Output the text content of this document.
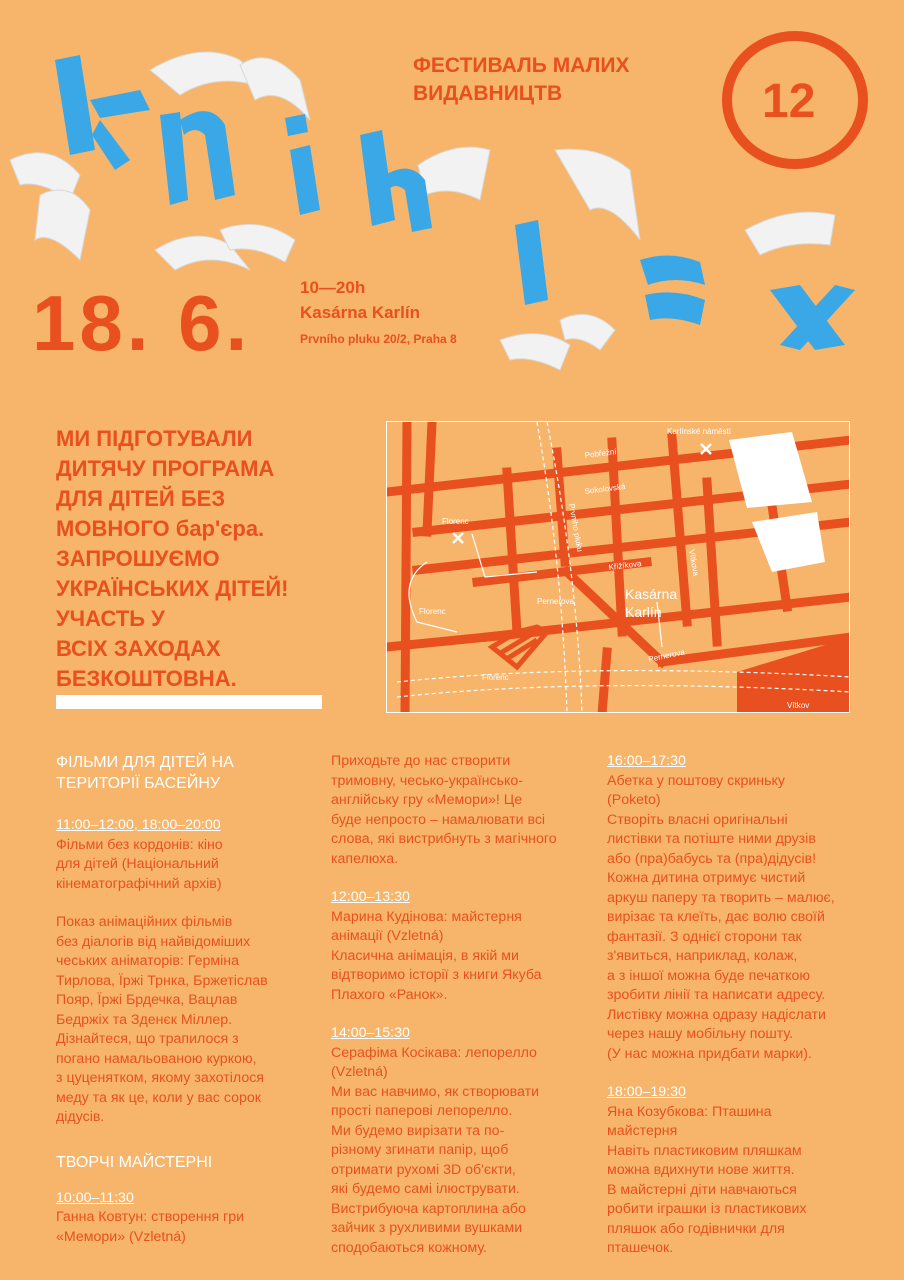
12
ФЕСТИВАЛЬ МАЛИХ
ВИДАВНИЦТВ
18. 6.	10—20h
Kasárna Karlín
Prvního pluku 20/2, Praha 8
МИ ПІДГОТУВАЛИ
ДИТЯЧУ ПРОГРАМА
ДЛЯ ДІТЕЙ БЕЗ
МОВНОГО бар'єра.
ЗАПРОШУЄМО
УКРАЇНСЬКИХ ДІТЕЙ!
УЧАСТЬ У
ВСІХ ЗАХОДАХ
БЕЗКОШТОВНА.
Pobřežní
Karlínské náměstí
Karlínské
náměstí
Sokolovská
Florenc	Prvního pluku
Křižíkova	Vítkova
Florenc
Pernerova
Pernerova
Florenc
Vítkov
Kasárna
Karlín
ФІЛЬМИ ДЛЯ ДІТЕЙ НА
ТЕРИТОРІЇ БАСЕЙНУ

11:00–12:00, 18:00–20:00

Фільми без кордонів: кіно

для дітей (Національний

кінематографічний архів)

Показ анімаційних фільмів

без діалогів від найвідоміших

чеських аніматорів: Герміна

Тирлова, Їржі Трнка, Бржетіслав

Пояр, Їржі Брдечка, Вацлав

Бедржіх та Зденєк Міллер.

Дізнайтеся, що трапилося з

погано намальованою куркою,

з цуценятком, якому захотілося

меду та як це, коли у вас сорок

дідусів.

ТВОРЧІ МАЙСТЕРНІ

10:00–11:30

Ганна Ковтун: створення гри

«Мемори» (Vzletná)

Приходьте до нас створити

тримовну, чесько-українсько-

англійську гру «Мемори»! Це

буде непросто – намалювати всі

слова, які вистрибнуть з магічного

капелюха.

12:00–13:30

Марина Кудінова: майстерня

анімації (Vzletná)

Класична анімація, в якій ми

відтворимо історії з книги Якуба

Плахого «Ранок».

14:00–15:30

Серафіма Косікава: лепорелло

(Vzletná)

Ми вас навчимо, як створювати

прості паперові лепорелло.

Ми будемо вирізати та по-

різному згинати папір, щоб

отримати рухомі 3D об'єкти,

які будемо самі ілюструвати.

Вистрибуюча картоплина або

зайчик з рухливими вушками

сподобаються кожному.

16:00–17:30

Абетка у поштову скриньку

(Poketo)

Створіть власні оригінальні

листівки та потіште ними друзів

або (пра)бабусь та (пра)дідусів!

Кожна дитина отримує чистий

аркуш паперу та творить – малює,

вирізає та клеїть, дає волю своїй

фантазії. З однієї сторони так

з'явиться, наприклад, колаж,

а з іншої можна буде печаткою

зробити лінії та написати адресу.

Листівку можна одразу надіслати

через нашу мобільну пошту.

(У нас можна придбати марки).

18:00–19:30

Яна Козубкова: Пташина

майстерня

Навіть пластиковим пляшкам

можна вдихнути нове життя.

В майстерні діти навчаються

робити іграшки із пластикових

пляшок або годівнички для

пташечок.
